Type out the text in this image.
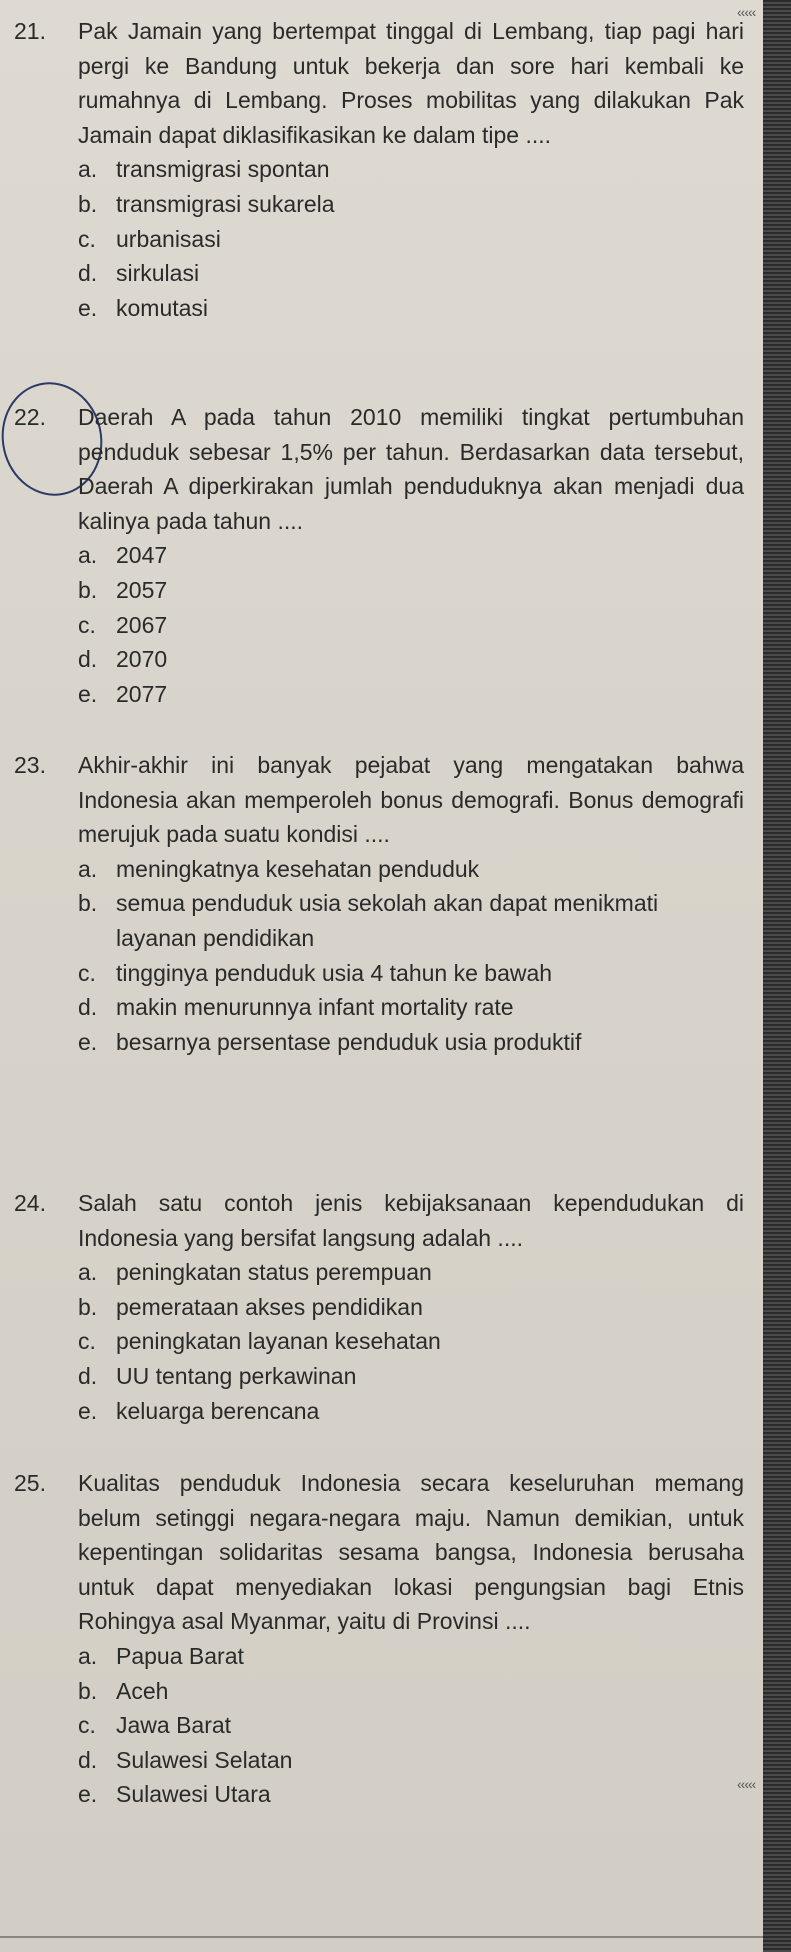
‹‹‹‹‹
‹‹‹‹‹
21. Pak Jamain yang bertempat tinggal di Lembang, tiap pagi hari pergi ke Bandung untuk bekerja dan sore hari kembali ke rumahnya di Lembang. Proses mobilitas yang dilakukan Pak Jamain dapat diklasifikasikan ke dalam tipe ....
a. transmigrasi spontan
b. transmigrasi sukarela
c. urbanisasi
d. sirkulasi
e. komutasi
22. Daerah A pada tahun 2010 memiliki tingkat pertumbuhan penduduk sebesar 1,5% per tahun. Berdasarkan data tersebut, Daerah A diperkirakan jumlah penduduknya akan menjadi dua kalinya pada tahun ....
a. 2047
b. 2057
c. 2067
d. 2070
e. 2077
23. Akhir-akhir ini banyak pejabat yang mengatakan bahwa Indonesia akan memperoleh bonus demografi. Bonus demografi merujuk pada suatu kondisi ....
a. meningkatnya kesehatan penduduk
b. semua penduduk usia sekolah akan dapat menikmati layanan pendidikan
c. tingginya penduduk usia 4 tahun ke bawah
d. makin menurunnya infant mortality rate
e. besarnya persentase penduduk usia produktif
24. Salah satu contoh jenis kebijaksanaan kependudukan di Indonesia yang bersifat langsung adalah ....
a. peningkatan status perempuan
b. pemerataan akses pendidikan
c. peningkatan layanan kesehatan
d. UU tentang perkawinan
e. keluarga berencana
25. Kualitas penduduk Indonesia secara keseluruhan memang belum setinggi negara-negara maju. Namun demikian, untuk kepentingan solidaritas sesama bangsa, Indonesia berusaha untuk dapat menyediakan lokasi pengungsian bagi Etnis Rohingya asal Myanmar, yaitu di Provinsi ....
a. Papua Barat
b. Aceh
c. Jawa Barat
d. Sulawesi Selatan
e. Sulawesi Utara
